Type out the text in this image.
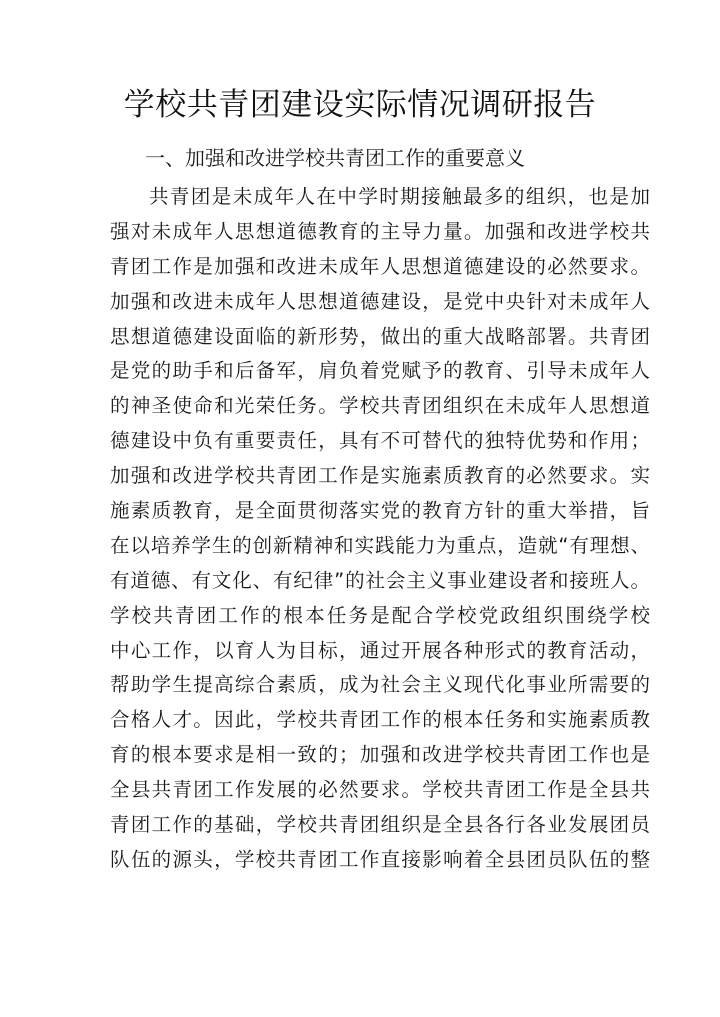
学校共青团建设实际情况调研报告

一、加强和改进学校共青团工作的重要意义

共青团是未成年人在中学时期接触最多的组织，也是加
强对未成年人思想道德教育的主导力量。加强和改进学校共
青团工作是加强和改进未成年人思想道德建设的必然要求。
加强和改进未成年人思想道德建设，是党中央针对未成年人
思想道德建设面临的新形势，做出的重大战略部署。共青团
是党的助手和后备军，肩负着党赋予的教育、引导未成年人
的神圣使命和光荣任务。学校共青团组织在未成年人思想道
德建设中负有重要责任，具有不可替代的独特优势和作用；
加强和改进学校共青团工作是实施素质教育的必然要求。实
施素质教育，是全面贯彻落实党的教育方针的重大举措，旨
在以培养学生的创新精神和实践能力为重点，造就“有理想、
有道德、有文化、有纪律”的社会主义事业建设者和接班人。
学校共青团工作的根本任务是配合学校党政组织围绕学校
中心工作，以育人为目标，通过开展各种形式的教育活动，
帮助学生提高综合素质，成为社会主义现代化事业所需要的
合格人才。因此，学校共青团工作的根本任务和实施素质教
育的根本要求是相一致的；加强和改进学校共青团工作也是
全县共青团工作发展的必然要求。学校共青团工作是全县共
青团工作的基础，学校共青团组织是全县各行各业发展团员
队伍的源头，学校共青团工作直接影响着全县团员队伍的整
